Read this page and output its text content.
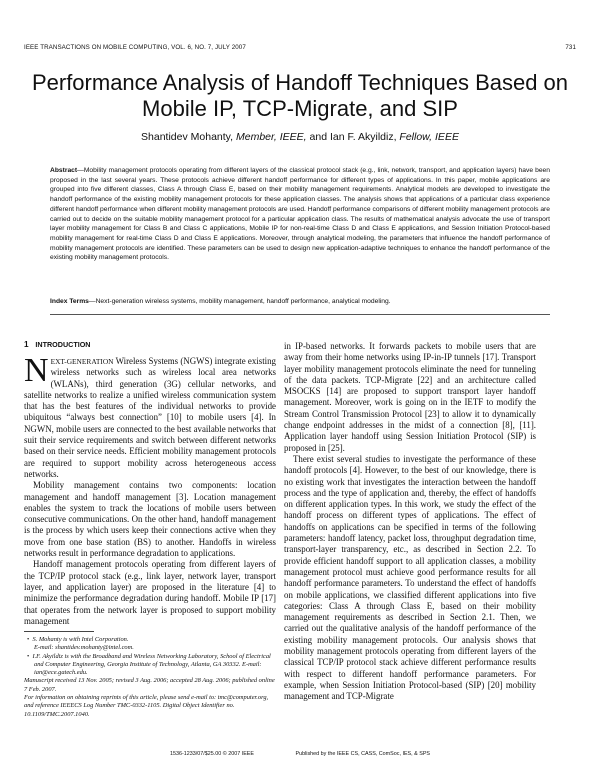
IEEE TRANSACTIONS ON MOBILE COMPUTING, VOL. 6, NO. 7, JULY 2007	731
Performance Analysis of Handoff Techniques Based on Mobile IP, TCP-Migrate, and SIP
Shantidev Mohanty, Member, IEEE, and Ian F. Akyildiz, Fellow, IEEE
Abstract—Mobility management protocols operating from different layers of the classical protocol stack (e.g., link, network, transport, and application layers) have been proposed in the last several years. These protocols achieve different handoff performance for different types of applications. In this paper, mobile applications are grouped into five different classes, Class A through Class E, based on their mobility management requirements. Analytical models are developed to investigate the handoff performance of the existing mobility management protocols for these application classes. The analysis shows that applications of a particular class experience different handoff performance when different mobility management protocols are used. Handoff performance comparisons of different mobility management protocols are carried out to decide on the suitable mobility management protocol for a particular application class. The results of mathematical analysis advocate the use of transport layer mobility management for Class B and Class C applications, Mobile IP for non-real-time Class D and Class E applications, and Session Initiation Protocol-based mobility management for real-time Class D and Class E applications. Moreover, through analytical modeling, the parameters that influence the handoff performance of mobility management protocols are identified. These parameters can be used to design new application-adaptive techniques to enhance the handoff performance of the existing mobility management protocols.
Index Terms—Next-generation wireless systems, mobility management, handoff performance, analytical modeling.
1 INTRODUCTION

NEXT-GENERATION Wireless Systems (NGWS) integrate existing wireless networks such as wireless local area networks (WLANs), third generation (3G) cellular networks, and satellite networks to realize a unified wireless communication system that has the best features of the individual networks to provide ubiquitous “always best connection” [10] to mobile users [4]. In NGWN, mobile users are connected to the best available networks that suit their service requirements and switch between different networks based on their service needs. Efficient mobility management protocols are required to support mobility across heterogeneous access networks.

Mobility management contains two components: location management and handoff management [3]. Location management enables the system to track the locations of mobile users between consecutive communications. On the other hand, handoff management is the process by which users keep their connections active when they move from one base station (BS) to another. Handoffs in wireless networks result in performance degradation to applications.

Handoff management protocols operating from different layers of the TCP/IP protocol stack (e.g., link layer, network layer, transport layer, and application layer) are proposed in the literature [4] to minimize the performance degradation during handoff. Mobile IP [17] that operates from the network layer is proposed to support mobility management

•  S. Mohanty is with Intel Corporation.
E-mail: shantidev.mohanty@intel.com.
•  I.F. Akyildiz is with the Broadband and Wireless Networking Laboratory, School of Electrical and Computer Engineering, Georgia Institute of Technology, Atlanta, GA 30332. E-mail: ian@ece.gatech.edu.
Manuscript received 13 Nov. 2005; revised 3 Aug. 2006; accepted 28 Aug. 2006; published online 7 Feb. 2007.
For information on obtaining reprints of this article, please send e-mail to: tmc@computer.org, and reference IEEECS Log Number TMC-0332-1105. Digital Object Identifier no. 10.1109/TMC.2007.1040.

in IP-based networks. It forwards packets to mobile users that are away from their home networks using IP-in-IP tunnels [17]. Transport layer mobility management protocols eliminate the need for tunneling of the data packets. TCP-Migrate [22] and an architecture called MSOCKS [14] are proposed to support transport layer handoff management. Moreover, work is going on in the IETF to modify the Stream Control Transmission Protocol [23] to allow it to dynamically change endpoint addresses in the midst of a connection [8], [11]. Application layer handoff using Session Initiation Protocol (SIP) is proposed in [25].

There exist several studies to investigate the performance of these handoff protocols [4]. However, to the best of our knowledge, there is no existing work that investigates the interaction between the handoff process and the type of application and, thereby, the effect of handoffs on different application types. In this work, we study the effect of the handoff process on different types of applications. The effect of handoffs on applications can be specified in terms of the following parameters: handoff latency, packet loss, throughput degradation time, transport-layer transparency, etc., as described in Section 2.2. To provide efficient handoff support to all application classes, a mobility management protocol must achieve good performance results for all handoff performance parameters. To understand the effect of handoffs on mobile applications, we classified different applications into five categories: Class A through Class E, based on their mobility management requirements as described in Section 2.1. Then, we carried out the qualitative analysis of the handoff performance of the existing mobility management protocols. Our analysis shows that mobility management protocols operating from different layers of the classical TCP/IP protocol stack achieve different performance results with respect to different handoff performance parameters. For example, when Session Initiation Protocol-based (SIP) [20] mobility management and TCP-Migrate

1536-1233/07/$25.00 © 2007 IEEE	Published by the IEEE CS, CASS, ComSoc, IES, & SPS
